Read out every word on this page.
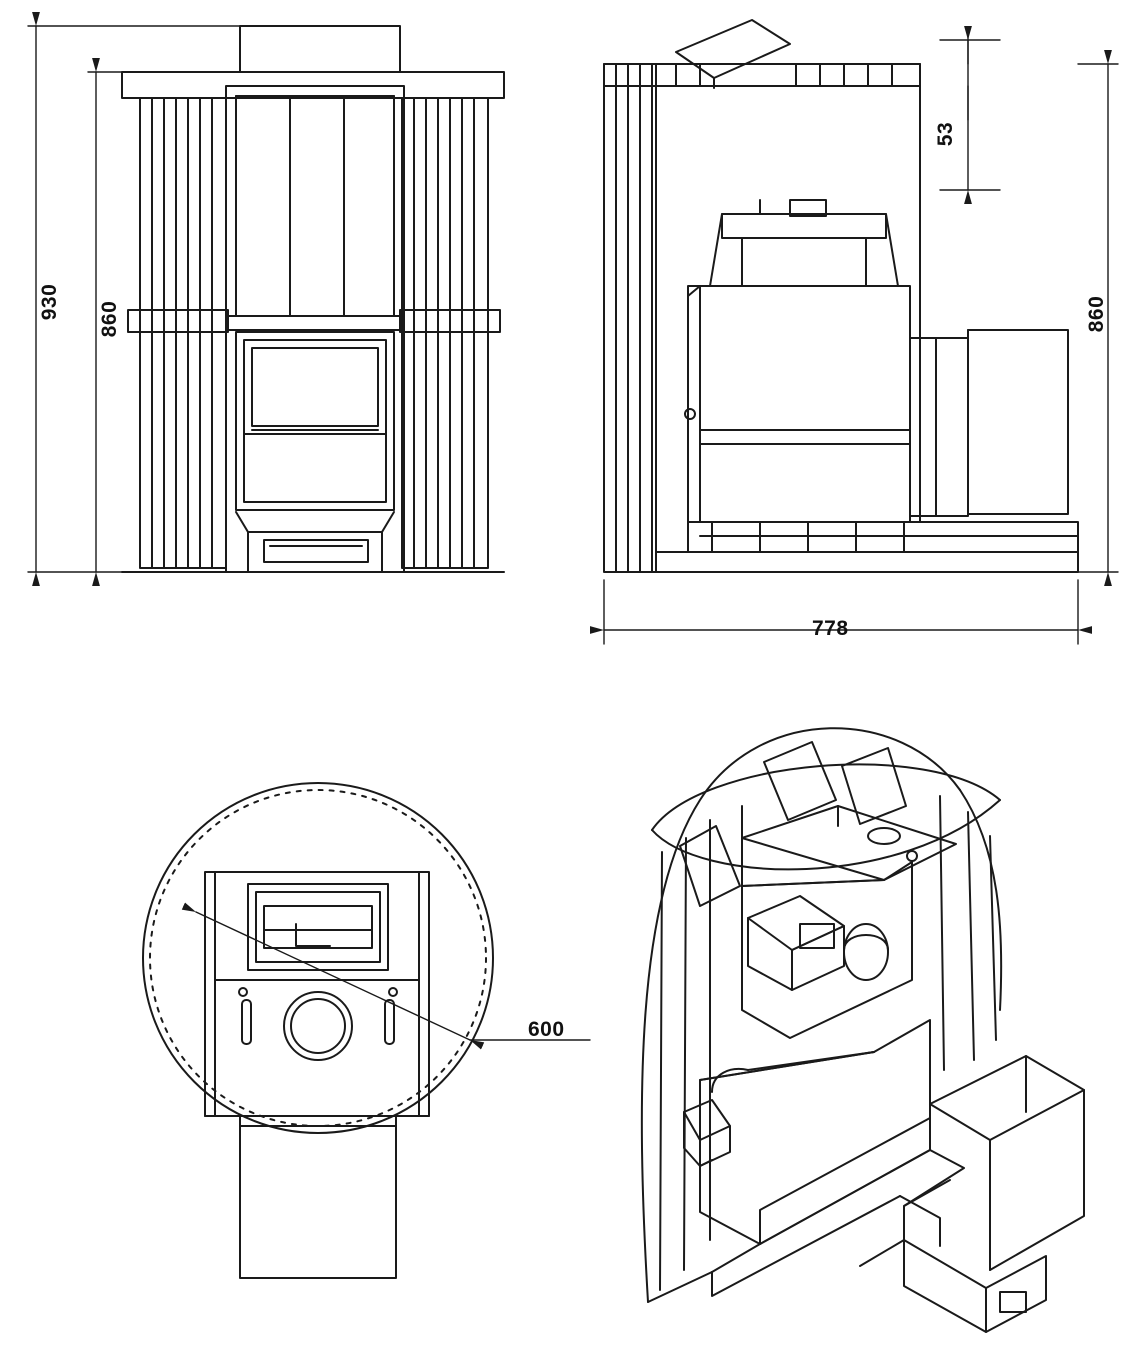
930 860
53
860
778
600
